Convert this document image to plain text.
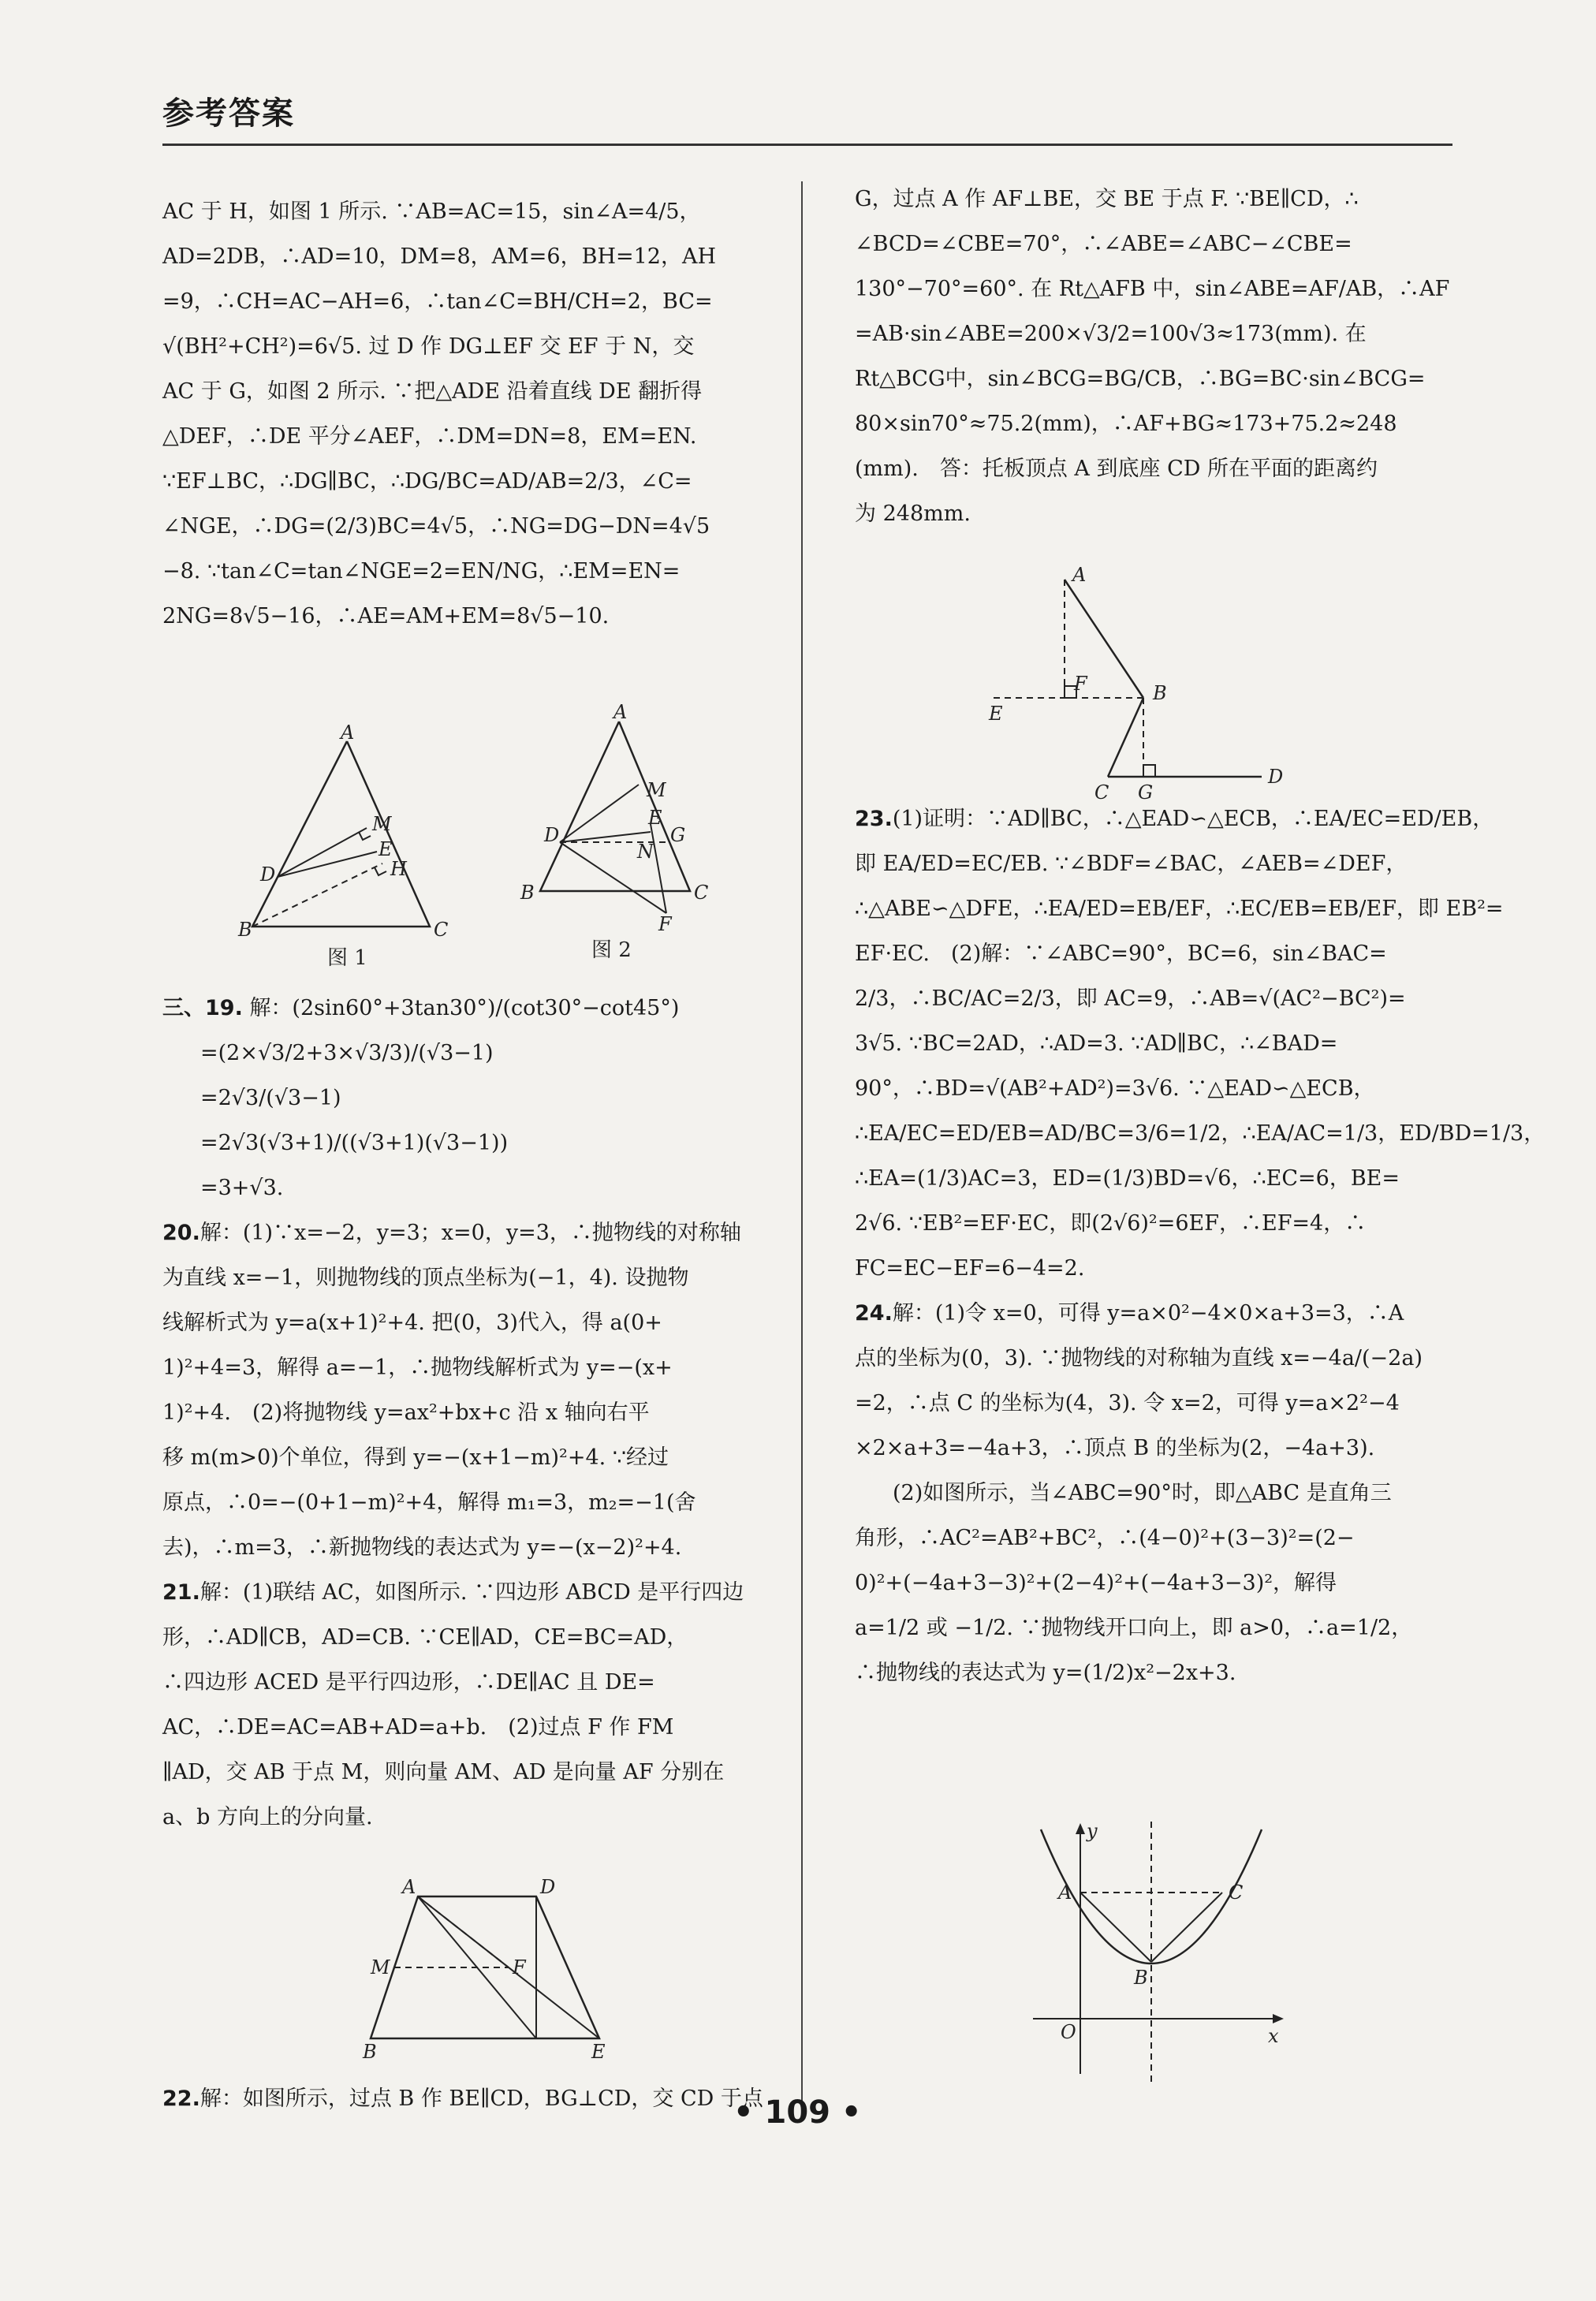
参考答案
AC 于 H，如图 1 所示. ∵AB=AC=15，sin∠A=4/5，
AD=2DB，∴AD=10，DM=8，AM=6，BH=12，AH
=9，∴CH=AC−AH=6，∴tan∠C=BH/CH=2，BC=
√(BH²+CH²)=6√5. 过 D 作 DG⊥EF 交 EF 于 N，交
AC 于 G，如图 2 所示. ∵把△ADE 沿着直线 DE 翻折得
△DEF，∴DE 平分∠AEF，∴DM=DN=8，EM=EN.
∵EF⊥BC，∴DG∥BC，∴DG/BC=AD/AB=2/3，∠C=
∠NGE，∴DG=(2/3)BC=4√5，∴NG=DG−DN=4√5
−8. ∵tan∠C=tan∠NGE=2=EN/NG，∴EM=EN=
2NG=8√5−16，∴AE=AM+EM=8√5−10.
三、19. 解：(2sin60°+3tan30°)/(cot30°−cot45°)
=(2×√3/2+3×√3/3)/(√3−1)
=2√3/(√3−1)
=2√3(√3+1)/((√3+1)(√3−1))
=3+√3.
20.解：(1)∵x=−2，y=3；x=0，y=3，∴抛物线的对称轴
为直线 x=−1，则抛物线的顶点坐标为(−1，4). 设抛物
线解析式为 y=a(x+1)²+4. 把(0，3)代入，得 a(0+
1)²+4=3，解得 a=−1，∴抛物线解析式为 y=−(x+
1)²+4.　(2)将抛物线 y=ax²+bx+c 沿 x 轴向右平
移 m(m>0)个单位，得到 y=−(x+1−m)²+4. ∵经过
原点，∴0=−(0+1−m)²+4，解得 m₁=3，m₂=−1(舍
去)，∴m=3，∴新抛物线的表达式为 y=−(x−2)²+4.
21.解：(1)联结 AC，如图所示. ∵四边形 ABCD 是平行四边
形，∴AD∥CB，AD=CB. ∵CE∥AD，CE=BC=AD，
∴四边形 ACED 是平行四边形，∴DE∥AC 且 DE=
AC，∴DE=AC=AB+AD=a+b.　(2)过点 F 作 FM
∥AD，交 AB 于点 M，则向量 AM、AD 是向量 AF 分别在
a、b 方向上的分向量.
22.解：如图所示，过点 B 作 BE∥CD，BG⊥CD，交 CD 于点
A
M
E
D	H
B	C
图 1
A
M
E
D	G
N
B	C
F
图 2
A	D
M	F
B	E
G，过点 A 作 AF⊥BE，交 BE 于点 F. ∵BE∥CD，∴
∠BCD=∠CBE=70°，∴∠ABE=∠ABC−∠CBE=
130°−70°=60°. 在 Rt△AFB 中，sin∠ABE=AF/AB，∴AF
=AB·sin∠ABE=200×√3/2=100√3≈173(mm). 在
Rt△BCG中，sin∠BCG=BG/CB，∴BG=BC·sin∠BCG=
80×sin70°≈75.2(mm)，∴AF+BG≈173+75.2≈248
(mm).　答：托板顶点 A 到底座 CD 所在平面的距离约
为 248mm.
23.(1)证明：∵AD∥BC，∴△EAD∽△ECB，∴EA/EC=ED/EB，
即 EA/ED=EC/EB. ∵∠BDF=∠BAC，∠AEB=∠DEF，
∴△ABE∽△DFE，∴EA/ED=EB/EF，∴EC/EB=EB/EF，即 EB²=
EF·EC.　(2)解：∵∠ABC=90°，BC=6，sin∠BAC=
2/3，∴BC/AC=2/3，即 AC=9，∴AB=√(AC²−BC²)=
3√5. ∵BC=2AD，∴AD=3. ∵AD∥BC，∴∠BAD=
90°，∴BD=√(AB²+AD²)=3√6. ∵△EAD∽△ECB，
∴EA/EC=ED/EB=AD/BC=3/6=1/2，∴EA/AC=1/3，ED/BD=1/3，
∴EA=(1/3)AC=3，ED=(1/3)BD=√6，∴EC=6，BE=
2√6. ∵EB²=EF·EC，即(2√6)²=6EF，∴EF=4，∴
FC=EC−EF=6−4=2.
24.解：(1)令 x=0，可得 y=a×0²−4×0×a+3=3，∴A
点的坐标为(0，3). ∵抛物线的对称轴为直线 x=−4a/(−2a)
=2，∴点 C 的坐标为(4，3). 令 x=2，可得 y=a×2²−4
×2×a+3=−4a+3，∴顶点 B 的坐标为(2，−4a+3).
(2)如图所示，当∠ABC=90°时，即△ABC 是直角三
角形，∴AC²=AB²+BC²，∴(4−0)²+(3−3)²=(2−
0)²+(−4a+3−3)²+(2−4)²+(−4a+3−3)²，解得
a=1/2 或 −1/2. ∵抛物线开口向上，即 a>0，∴a=1/2，
∴抛物线的表达式为 y=(1/2)x²−2x+3.
A
F
E
B
C G
D
y
A	C
B
O	x
• 109 •
